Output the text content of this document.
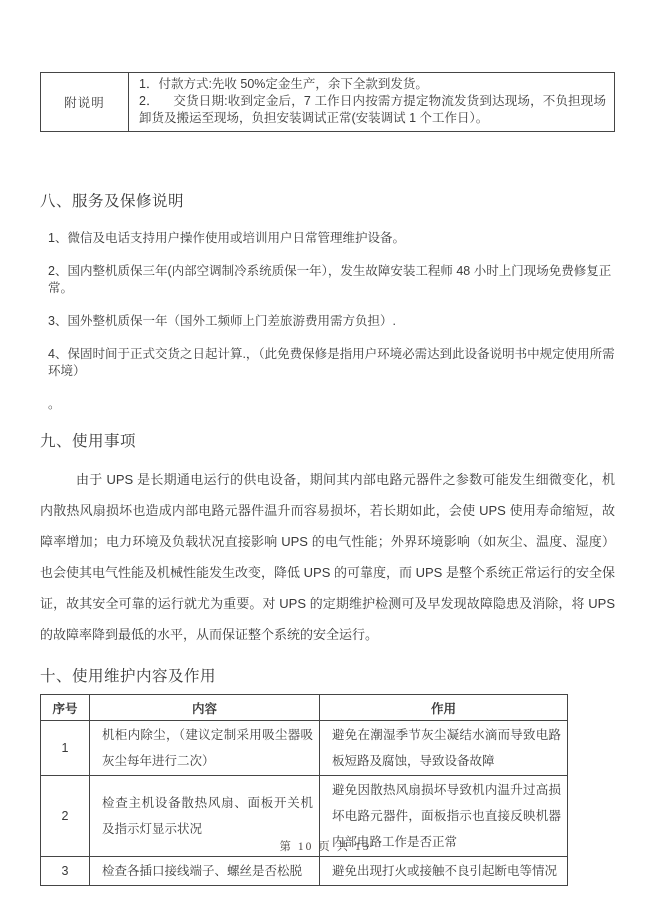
附说明	
1．付款方式:先收 50%定金生产，余下全款到发货。
2．    交货日期:收到定金后，7 工作日内按需方提定物流发货到达现场，不负担现场卸货及搬运至现场，负担安装调试正常(安装调试 1 个工作日）。
八、服务及保修说明
1、微信及电话支持用户操作使用或培训用户日常管理维护设备。
2、国内整机质保三年(内部空调制冷系统质保一年），发生故障安装工程师 48 小时上门现场免费修复正常。
3、国外整机质保一年（国外工频师上门差旅游费用需方负担）.
4、保固时间于正式交货之日起计算.，（此免费保修是指用户环境必需达到此设备说明书中规定使用所需环境）
。
九、使用事项

由于 UPS 是长期通电运行的供电设备，期间其内部电路元器件之参数可能发生细微变化，机内散热风扇损坏也造成内部电路元器件温升而容易损坏，若长期如此，会使 UPS 使用寿命缩短，故障率增加；电力环境及负载状况直接影响 UPS 的电气性能；外界环境影响（如灰尘、温度、湿度）也会使其电气性能及机械性能发生改变，降低 UPS 的可靠度，而 UPS 是整个系统正常运行的安全保证，故其安全可靠的运行就尤为重要。对 UPS 的定期维护检测可及早发现故障隐患及消除，将 UPS 的故障率降到最低的水平，从而保证整个系统的安全运行。

十、使用维护内容及作用
序号	内容	作用
1	机柜内除尘，（建议定制采用吸尘器吸灰尘每年进行二次）	避免在潮湿季节灰尘凝结水滴而导致电路板短路及腐蚀，导致设备故障
2	检查主机设备散热风扇、面板开关机及指示灯显示状况	避免因散热风扇损坏导致机内温升过高损坏电路元器件，面板指示也直接反映机器内部电路工作是否正常
3	检查各插口接线端子、螺丝是否松脱	避免出现打火或接触不良引起断电等情况
第 10 页 共 13
